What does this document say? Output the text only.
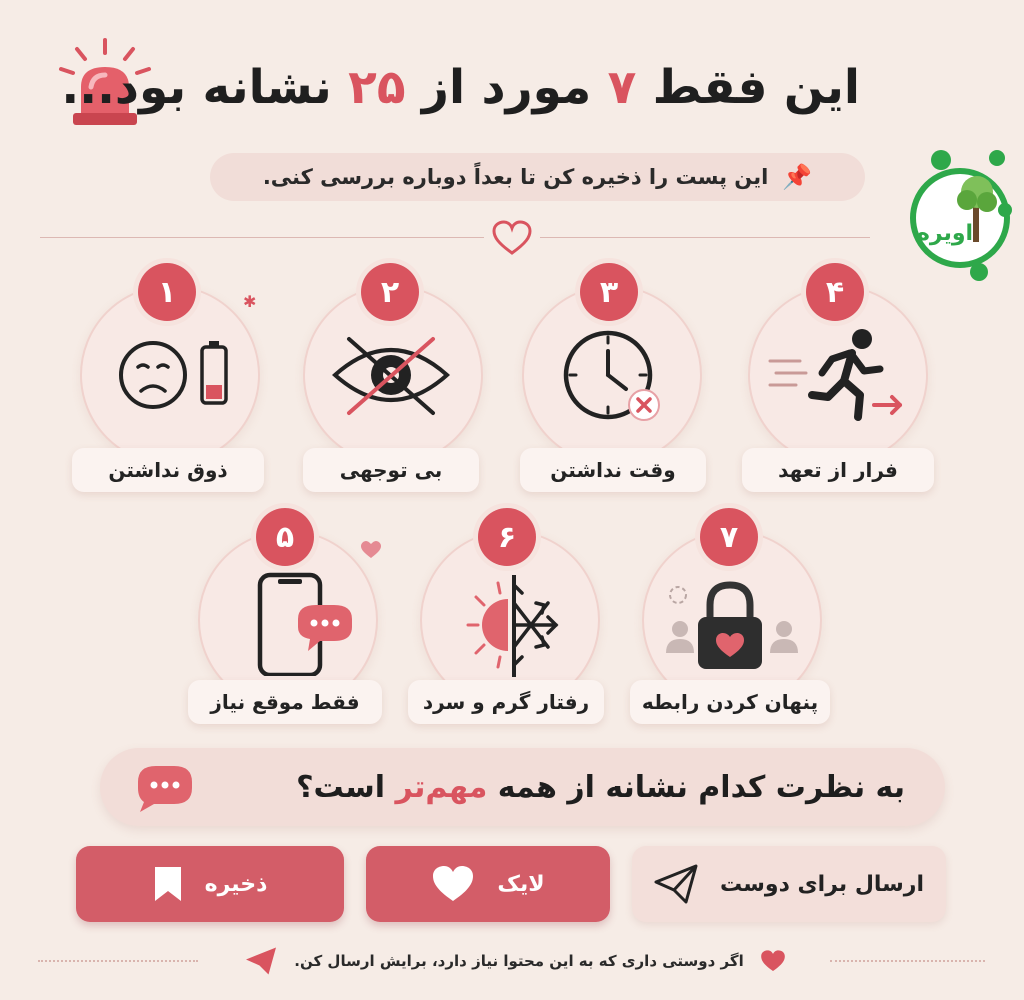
این فقط ۷ مورد از ۲۵ نشانه بود...
📌
این پست را ذخیره کن تا بعداً دوباره بررسی کنی.
اویره
✱
۱
ذوق نداشتن
۲
بی توجهی
۳
وقت نداشتن
۴
فرار از تعهد
۵
فقط موقع نیاز
۶
رفتار گرم و سرد
۷
پنهان کردن رابطه
به نظرت کدام نشانه از همه

مهم‌تر

است؟
ارسال برای دوست
لایک
ذخیره
اگر دوستی داری که به این محتوا نیاز دارد، برایش ارسال کن.
